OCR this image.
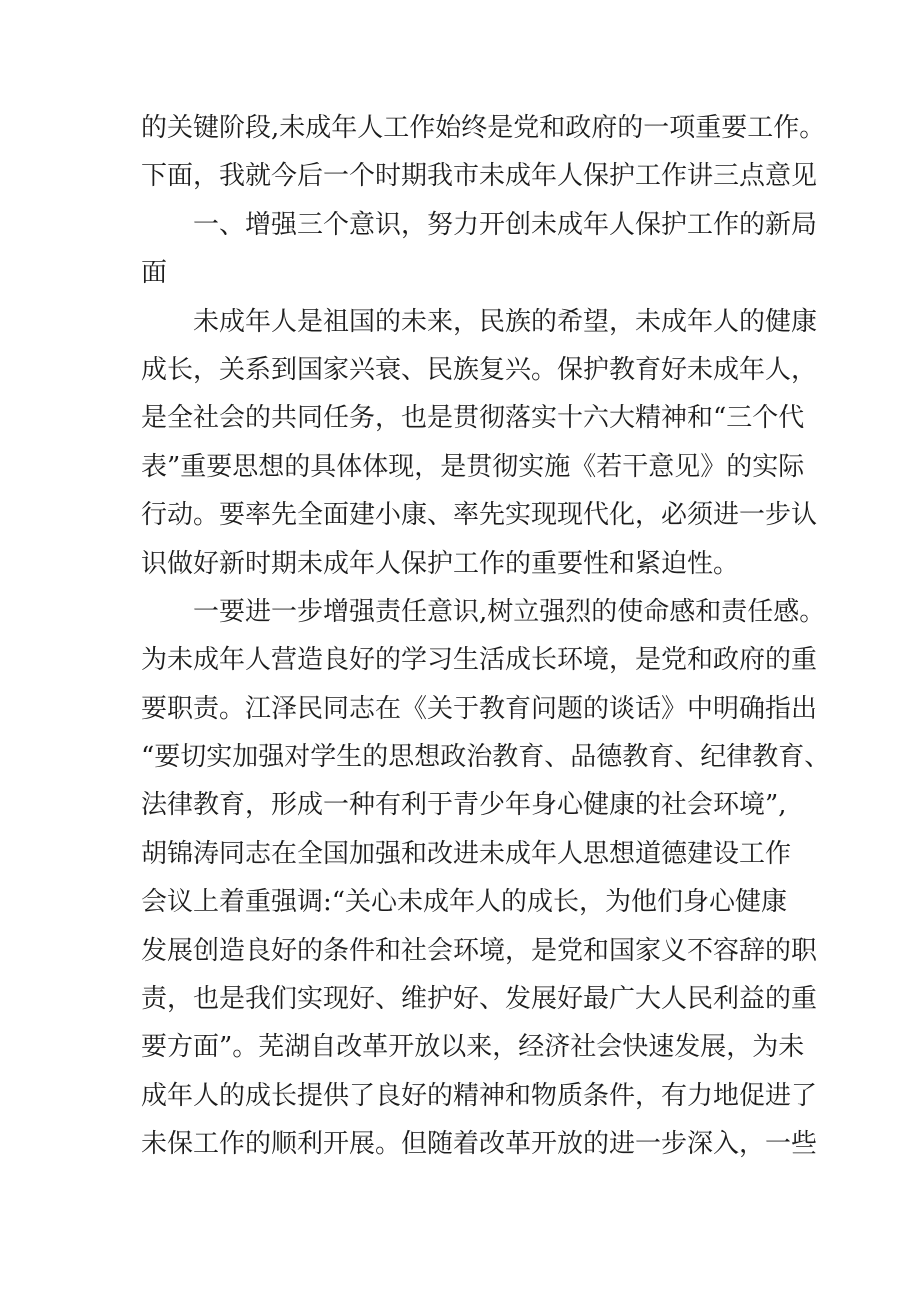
的关键阶段,未成年人工作始终是党和政府的一项重要工作。
下面，我就今后一个时期我市未成年人保护工作讲三点意见
一、增强三个意识，努力开创未成年人保护工作的新局
面
未成年人是祖国的未来，民族的希望，未成年人的健康
成长，关系到国家兴衰、民族复兴。保护教育好未成年人，
是全社会的共同任务，也是贯彻落实十六大精神和“三个代
表”重要思想的具体体现，是贯彻实施《若干意见》的实际
行动。要率先全面建小康、率先实现现代化，必须进一步认
识做好新时期未成年人保护工作的重要性和紧迫性。
一要进一步增强责任意识,树立强烈的使命感和责任感。
为未成年人营造良好的学习生活成长环境，是党和政府的重
要职责。江泽民同志在《关于教育问题的谈话》中明确指出
“要切实加强对学生的思想政治教育、品德教育、纪律教育、
法律教育，形成一种有利于青少年身心健康的社会环境”,
胡锦涛同志在全国加强和改进未成年人思想道德建设工作
会议上着重强调:“关心未成年人的成长，为他们身心健康
发展创造良好的条件和社会环境，是党和国家义不容辞的职
责，也是我们实现好、维护好、发展好最广大人民利益的重
要方面”。芜湖自改革开放以来，经济社会快速发展，为未
成年人的成长提供了良好的精神和物质条件，有力地促进了
未保工作的顺利开展。但随着改革开放的进一步深入，一些
